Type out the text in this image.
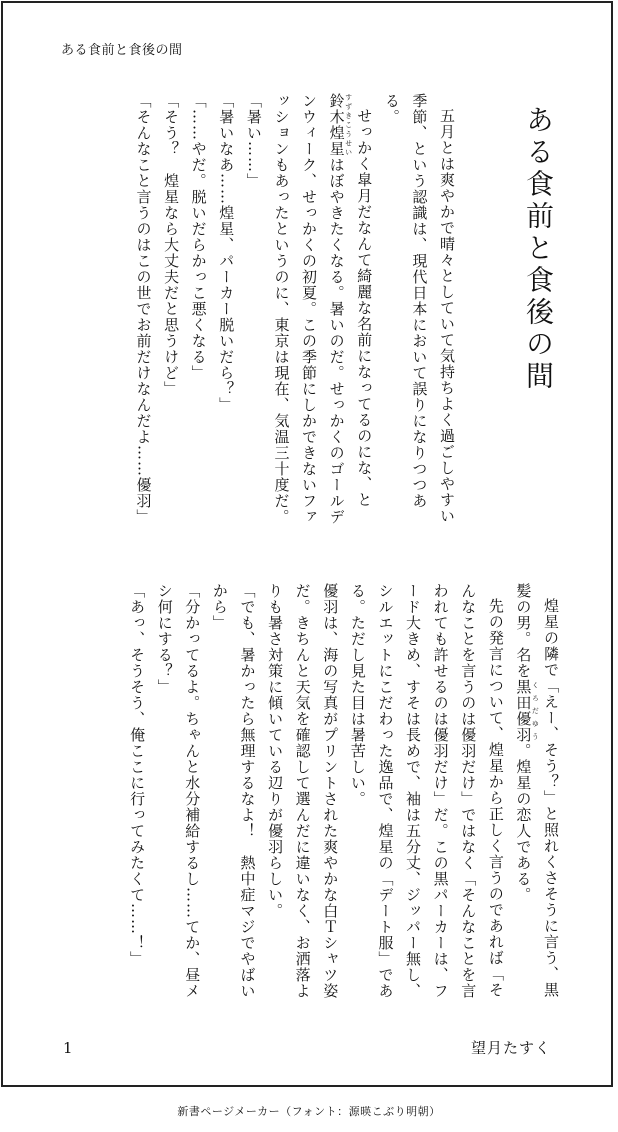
ある食前と食後の間
ある食前と食後の間

五月とは爽やかで晴々としていて気持ちよく過ごしやすい季節、という認識は、現代日本において誤りになりつつある。

せっかく皐月だなんて綺麗な名前になってるのにな、と鈴木煌星 すずきこうせいはぼやきたくなる。暑いのだ。せっかくのゴールデンウィーク、せっかくの初夏。この季節にしかできないファッションもあったというのに、東京は現在、気温三十度だ。

「暑い……」

「暑いなあ……煌星、パーカー脱いだら？」

「……やだ。脱いだらかっこ悪くなる」

「そう？　煌星なら大丈夫だと思うけど」

「そんなこと言うのはこの世でお前だけなんだよ……優羽」

煌星の隣で「えー、そう？」と照れくさそうに言う、黒髪の男。名を黒田優羽 くろだゆう。煌星の恋人である。

先の発言について、煌星から正しく言うのであれば「そんなことを言うのは優羽だけ」ではなく「そんなことを言われても許せるのは優羽だけ」だ。この黒パーカーは、フード大きめ、すそは長めで、袖は五分丈、ジッパー無し、シルエットにこだわった逸品で、煌星の「デート服」である。ただし見た目は暑苦しい。

優羽は、海の写真がプリントされた爽やかな白Ｔシャツ姿だ。きちんと天気を確認して選んだに違いなく、お洒落よりも暑さ対策に傾いている辺りが優羽らしい。

「でも、暑かったら無理するなよ！　熱中症マジでやばいから」

「分かってるよ。ちゃんと水分補給するし……てか、昼メシ何にする？」

「あっ、そうそう、俺ここに行ってみたくて……！」

1	望月たすく
新書ページメーカー（フォント：源暎こぶり明朝）
